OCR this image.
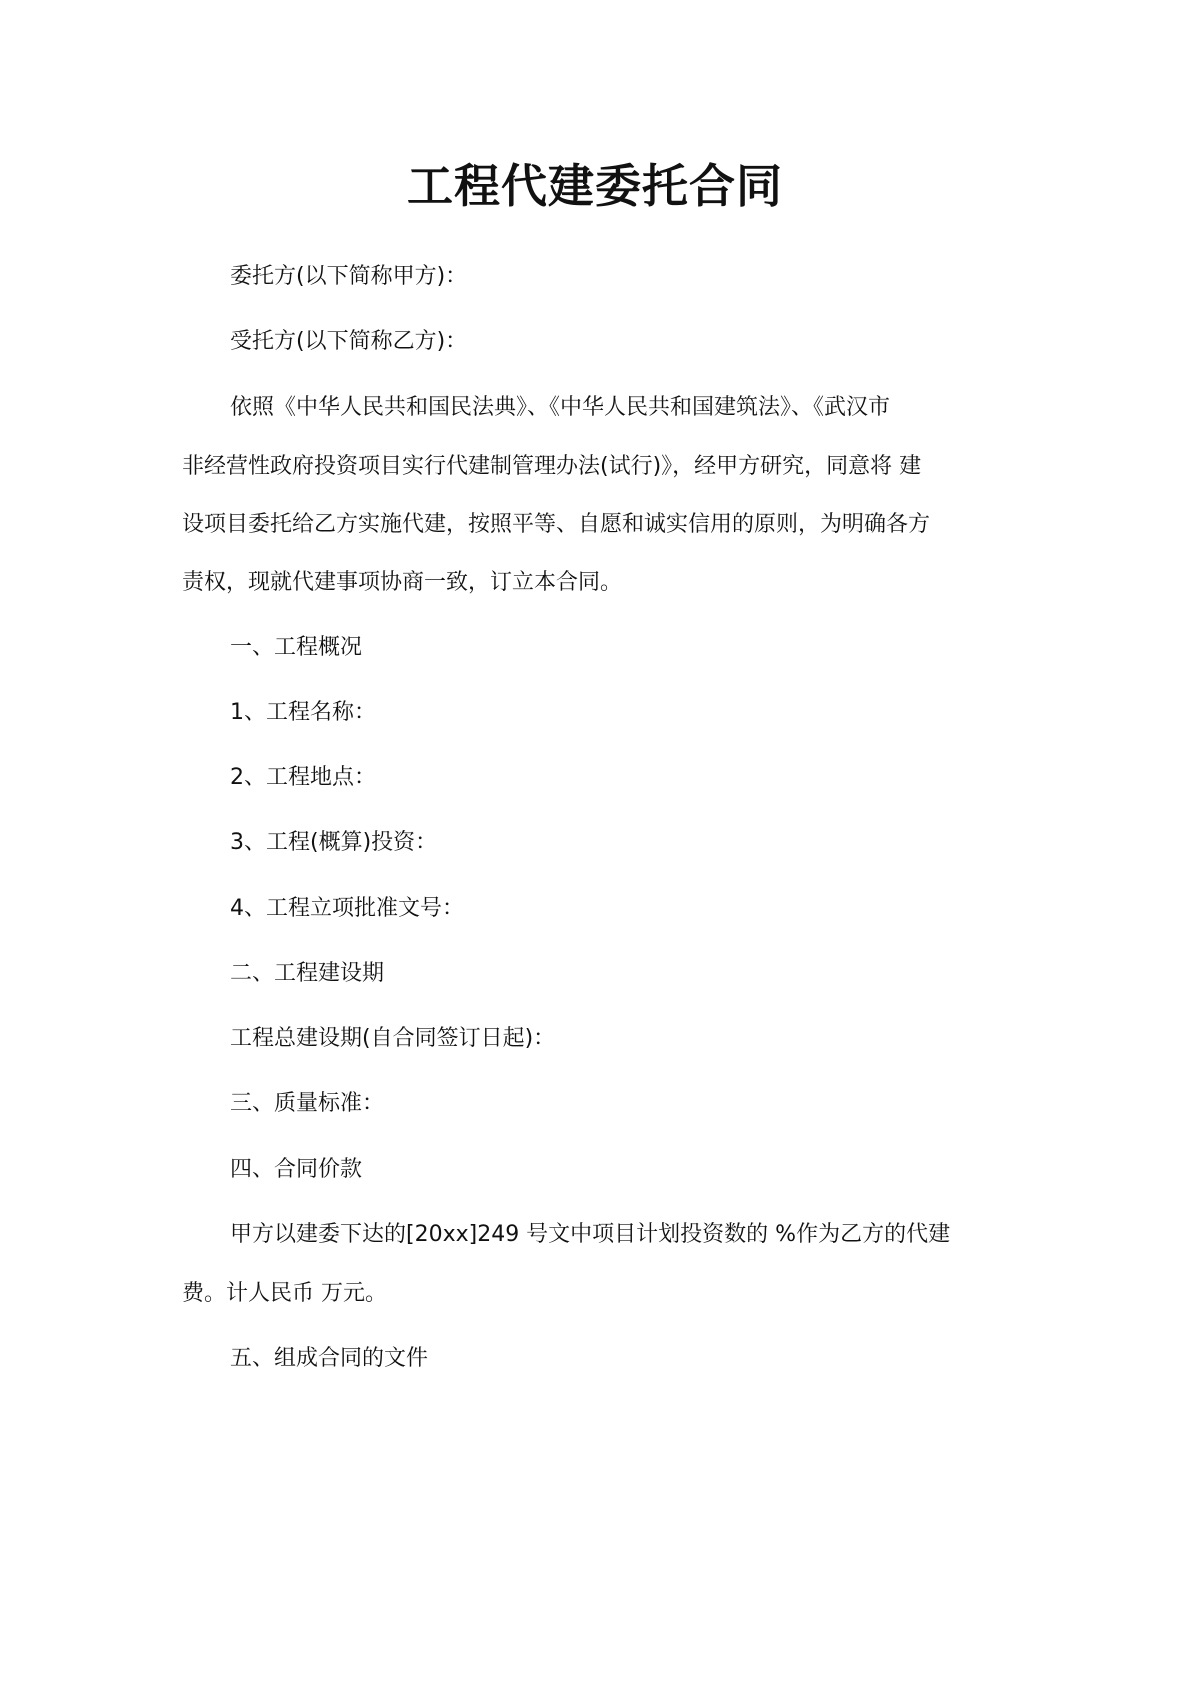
工程代建委托合同
委托方(以下简称甲方)：
受托方(以下简称乙方)：
依照《中华人民共和国民法典》、《中华人民共和国建筑法》、《武汉市
非经营性政府投资项目实行代建制管理办法(试行)》，经甲方研究，同意将 建
设项目委托给乙方实施代建，按照平等、自愿和诚实信用的原则，为明确各方
责权，现就代建事项协商一致，订立本合同。
一、工程概况
1、工程名称：
2、工程地点：
3、工程(概算)投资：
4、工程立项批准文号：
二、工程建设期
工程总建设期(自合同签订日起)：
三、质量标准：
四、合同价款
甲方以建委下达的[20xx]249 号文中项目计划投资数的 %作为乙方的代建
费。计人民币 万元。
五、组成合同的文件
